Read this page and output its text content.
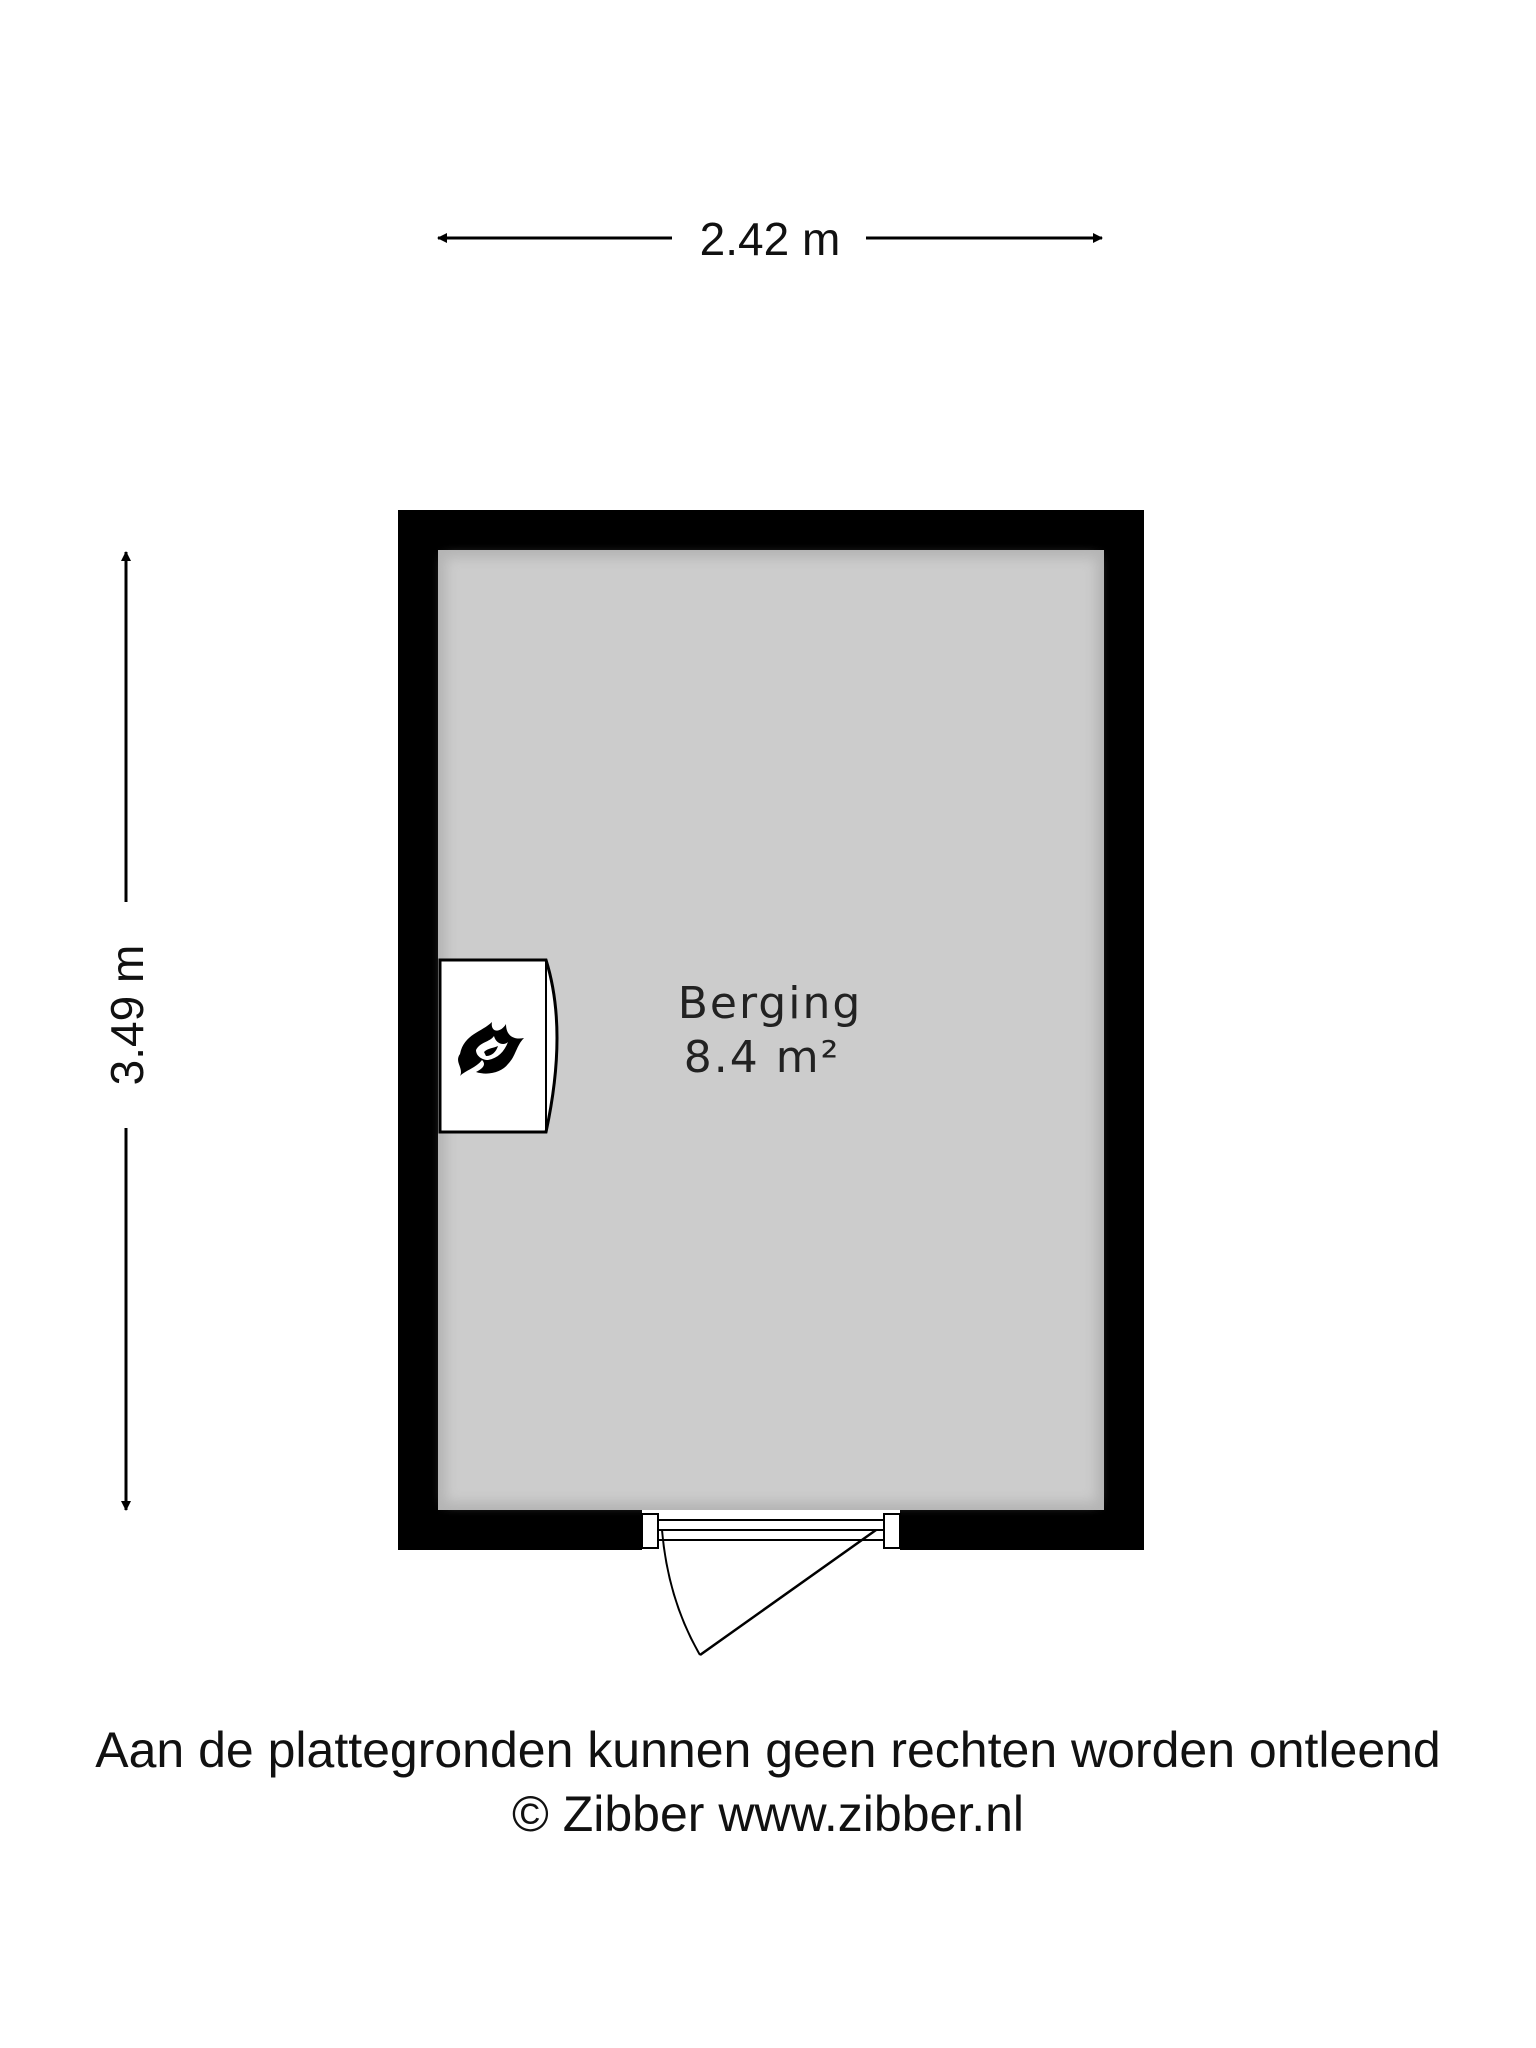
2.42 m
3.49 m	Berging
8.4 m²
Aan de plattegronden kunnen geen rechten worden ontleend
© Zibber www.zibber.nl
